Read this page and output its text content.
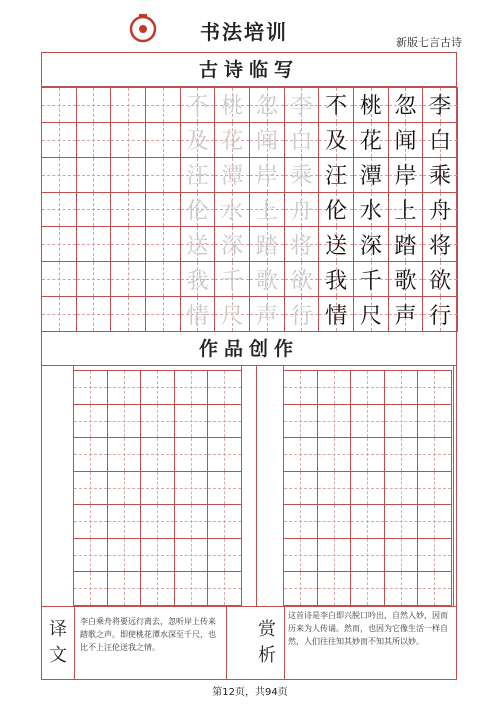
书法培训	新版七言古诗
古诗临写
不
及
汪
伦
送
我
情
桃
花
潭
水
深
千
尺
忽
闻
岸
上
踏
歌
声
李
白
乘
舟
将
欲
行
不
及
汪
伦
送
我
情
桃
花
潭
水
深
千
尺
忽
闻
岸
上
踏
歌
声
李
白
乘
舟
将
欲
行
作品创作
译
文
李白乘舟将要远行离去，忽听岸上传来踏歌之声。即使桃花潭水深至千尺，也比不上汪伦送我之情。
赏
析
这首诗是李白即兴脱口吟出，自然入妙，因而历来为人传诵。然而，也因为它像生活一样自然，人们往往知其妙而不知其所以妙。
第12页，共94页
